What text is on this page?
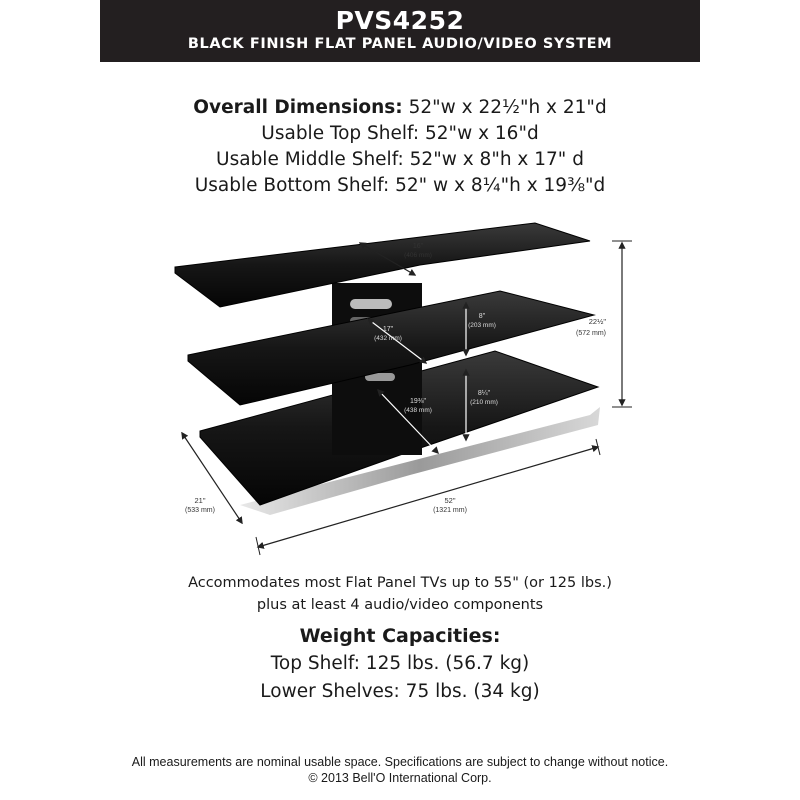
PVS4252
BLACK FINISH FLAT PANEL AUDIO/VIDEO SYSTEM
Overall Dimensions: 52"w x 22½"h x 21"d
Usable Top Shelf: 52"w x 16"d
Usable Middle Shelf: 52"w x 8"h x 17" d
Usable Bottom Shelf: 52" w x 8¼"h x 19⅜"d
16"
(406 mm)
17"
(432 mm)
19⅜"
(438 mm)
8"
(203 mm)
8¼"
(210 mm)
22½"
(572 mm)
21"
(533 mm)
52"
(1321 mm)
Accommodates most Flat Panel TVs up to 55" (or 125 lbs.)
plus at least 4 audio/video components
Weight Capacities:
Top Shelf: 125 lbs. (56.7 kg)
Lower Shelves: 75 lbs. (34 kg)
All measurements are nominal usable space. Specifications are subject to change without notice.
© 2013 Bell'O International Corp.
